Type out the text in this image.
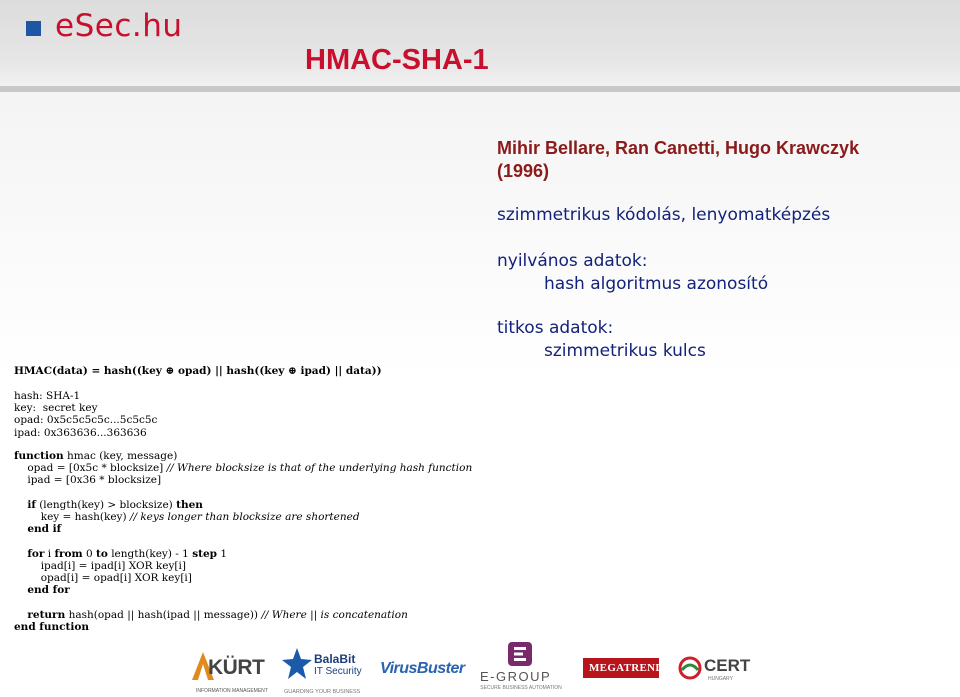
eSec.hu
HMAC-SHA-1
Mihir Bellare, Ran Canetti, Hugo Krawczyk
(1996)
szimmetrikus kódolás, lenyomatképzés
nyilvános adatok:
hash algoritmus azonosító
titkos adatok:
szimmetrikus kulcs
HMAC(data) = hash((key ⊕ opad) || hash((key ⊕ ipad) || data))
hash: SHA-1
key:  secret key
opad: 0x5c5c5c5c...5c5c5c
ipad: 0x363636...363636
function hmac (key, message)
opad = [0x5c * blocksize] // Where blocksize is that of the underlying hash function
ipad = [0x36 * blocksize]
if (length(key) > blocksize) then
key = hash(key) // keys longer than blocksize are shortened
end if
for i from 0 to length(key) - 1 step 1
ipad[i] = ipad[i] XOR key[i]
opad[i] = opad[i] XOR key[i]
end for
return hash(opad || hash(ipad || message)) // Where || is concatenation
end function
KÜRT
INFORMATION MANAGEMENT
BalaBit
IT Security
GUARDING YOUR BUSINESS
VirusBuster E-GROUP
SECURE BUSINESS AUTOMATION
MEGATREND CERT
HUNGARY
